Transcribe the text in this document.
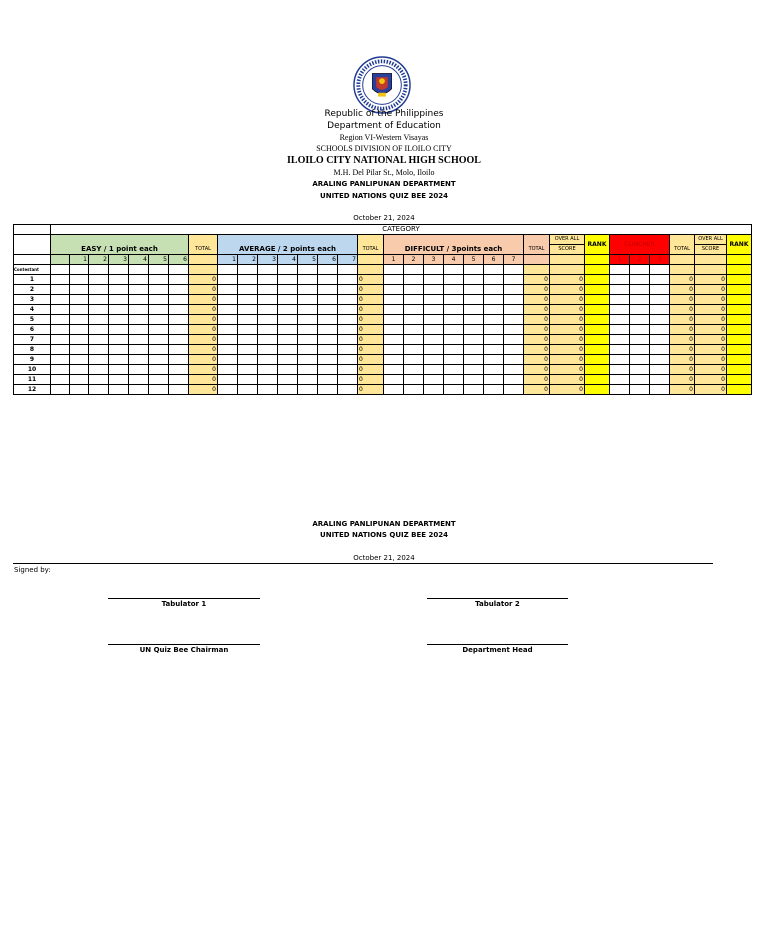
Republic of the Philippines
Department of Education
Region VI-Western Visayas
SCHOOLS DIVISION OF ILOILO CITY
ILOILO CITY NATIONAL HIGH SCHOOL
M.H. Del Pilar St., Molo, Iloilo
ARALING PANLIPUNAN DEPARTMENT
UNITED NATIONS QUIZ BEE 2024
October 21, 2024
	CATEGORY																															
	EASY / 1 point each							TOTAL	AVERAGE / 2 points each							TOTAL	DIFFICULT / 3points each							TOTAL	OVER ALL	RANK	CLINCHER			TOTAL	OVER ALL	RANK
																									SCORE						SCORE	
		1	2	3	4	5	6		1	2	3	4	5	6	7		1	2	3	4	5	6	7				1	2	3			
Contestant																																
1								0								0								0	0					0	0	
2								0								0								0	0					0	0	
3								0								0								0	0					0	0	
4								0								0								0	0					0	0	
5								0								0								0	0					0	0	
6								0								0								0	0					0	0	
7								0								0								0	0					0	0	
8								0								0								0	0					0	0	
9								0								0								0	0					0	0	
10								0								0								0	0					0	0	
11								0								0								0	0					0	0	
12								0								0								0	0					0	0	
ARALING PANLIPUNAN DEPARTMENT
UNITED NATIONS QUIZ BEE 2024
October 21, 2024
Signed by:
Tabulator 1	Tabulator 2
UN Quiz Bee Chairman	Department Head
